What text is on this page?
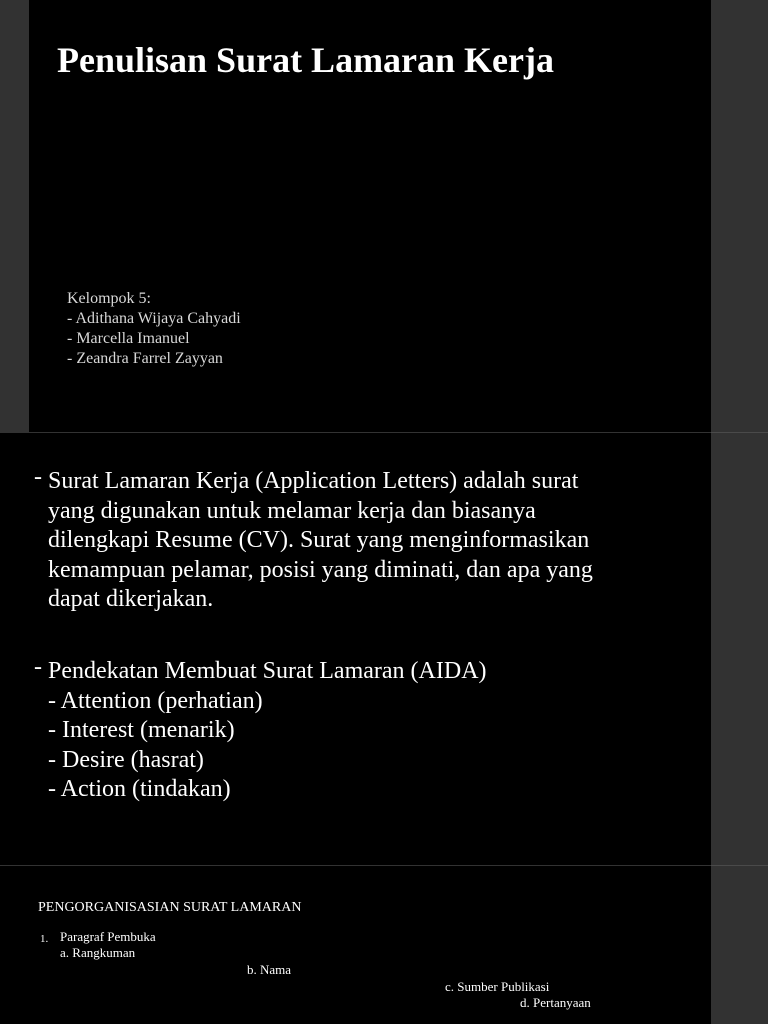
Penulisan Surat Lamaran Kerja
Kelompok 5:
- Adithana Wijaya Cahyadi
- Marcella Imanuel
- Zeandra Farrel Zayyan
- Surat Lamaran Kerja (Application Letters) adalah surat
yang digunakan untuk melamar kerja dan biasanya
dilengkapi Resume (CV). Surat yang menginformasikan
kemampuan pelamar, posisi yang diminati, dan apa yang
dapat dikerjakan.
- Pendekatan Membuat Surat Lamaran (AIDA)
- Attention (perhatian)
- Interest (menarik)
- Desire (hasrat)
- Action (tindakan)
PENGORGANISASIAN SURAT LAMARAN
1. Paragraf Pembuka
a. Rangkuman
b. Nama
c. Sumber Publikasi
d. Pertanyaan
